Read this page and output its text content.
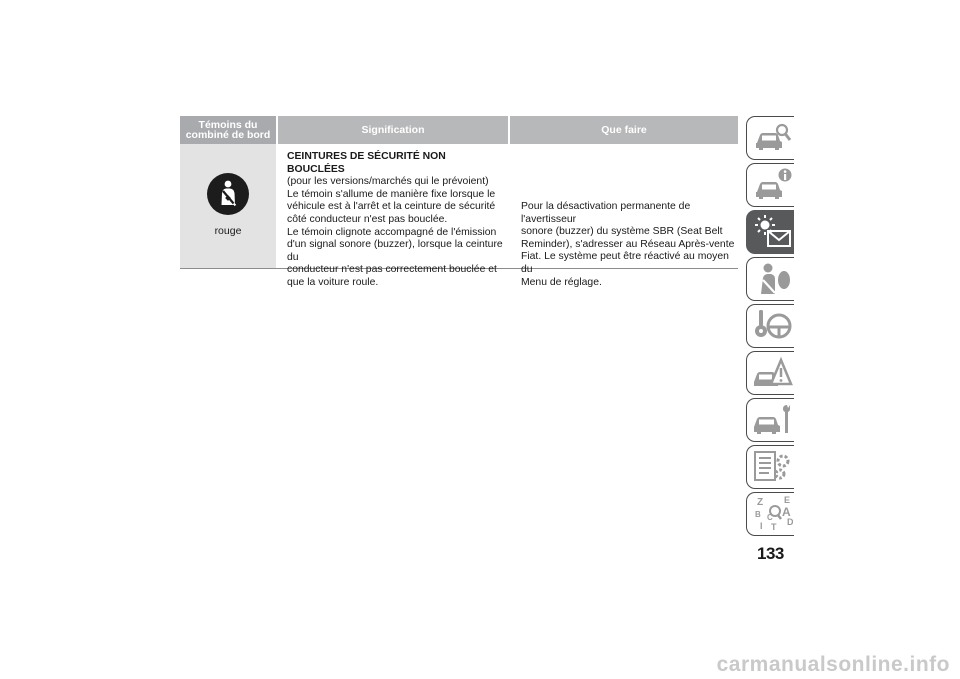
Témoins du
combiné de bord	Signification	Que faire
rouge

CEINTURES DE SÉCURITÉ NON BOUCLÉES

(pour les versions/marchés qui le prévoient)

Le témoin s'allume de manière fixe lorsque le

véhicule est à l'arrêt et la ceinture de sécurité

côté conducteur n'est pas bouclée.

Le témoin clignote accompagné de l'émission

d'un signal sonore (buzzer), lorsque la ceinture du

conducteur n'est pas correctement bouclée et

que la voiture roule.

Pour la désactivation permanente de l'avertisseur
sonore (buzzer) du système SBR (Seat Belt
Reminder), s'adresser au Réseau Après-vente
Fiat. Le système peut être réactivé au moyen du
Menu de réglage.
Z E
B A
C D
T
I
133
carmanualsonline.info
